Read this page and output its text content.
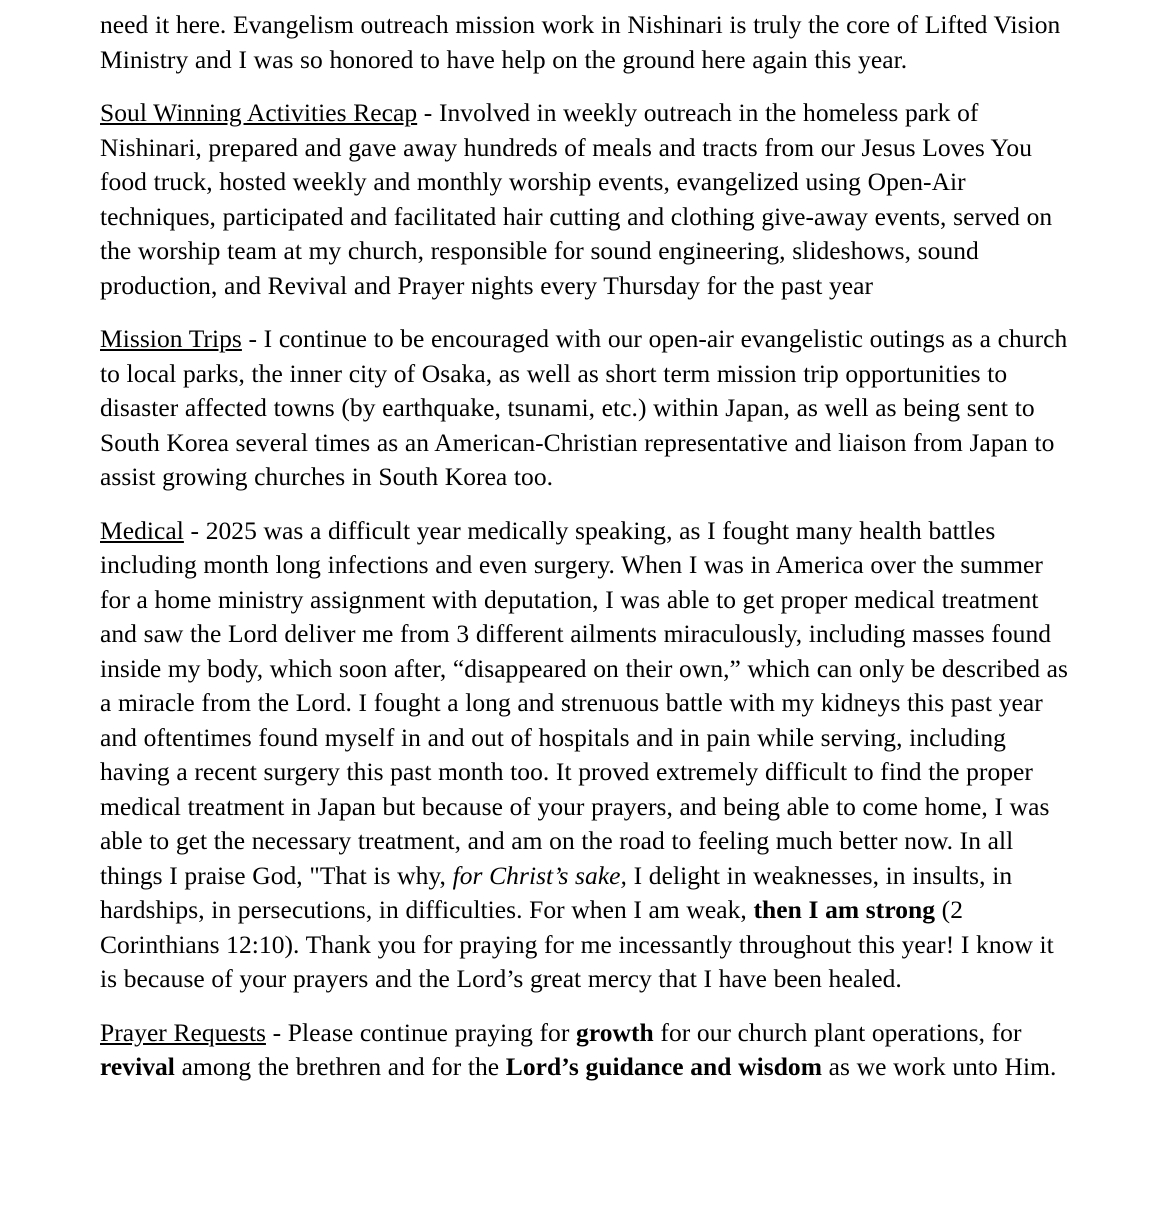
need it here. Evangelism outreach mission work in Nishinari is truly the core of Lifted Vision Ministry and I was so honored to have help on the ground here again this year.

Soul Winning Activities Recap - Involved in weekly outreach in the homeless park of Nishinari, prepared and gave away hundreds of meals and tracts from our Jesus Loves You food truck, hosted weekly and monthly worship events, evangelized using Open-Air techniques, participated and facilitated hair cutting and clothing give-away events, served on the worship team at my church, responsible for sound engineering, slideshows, sound production, and Revival and Prayer nights every Thursday for the past year

Mission Trips - I continue to be encouraged with our open-air evangelistic outings as a church to local parks, the inner city of Osaka, as well as short term mission trip opportunities to disaster affected towns (by earthquake, tsunami, etc.) within Japan, as well as being sent to South Korea several times as an American-Christian representative and liaison from Japan to assist growing churches in South Korea too.

Medical - 2025 was a difficult year medically speaking, as I fought many health battles including month long infections and even surgery. When I was in America over the summer for a home ministry assignment with deputation, I was able to get proper medical treatment and saw the Lord deliver me from 3 different ailments miraculously, including masses found inside my body, which soon after, “disappeared on their own,” which can only be described as a miracle from the Lord. I fought a long and strenuous battle with my kidneys this past year and oftentimes found myself in and out of hospitals and in pain while serving, including having a recent surgery this past month too. It proved extremely difficult to find the proper medical treatment in Japan but because of your prayers, and being able to come home, I was able to get the necessary treatment, and am on the road to feeling much better now. In all things I praise God, "That is why, for Christ’s sake, I delight in weaknesses, in insults, in hardships, in persecutions, in difficulties. For when I am weak, then I am strong (2 Corinthians 12:10). Thank you for praying for me incessantly throughout this year! I know it is because of your prayers and the Lord’s great mercy that I have been healed.

Prayer Requests - Please continue praying for growth for our church plant operations, for revival among the brethren and for the Lord’s guidance and wisdom as we work unto Him.
